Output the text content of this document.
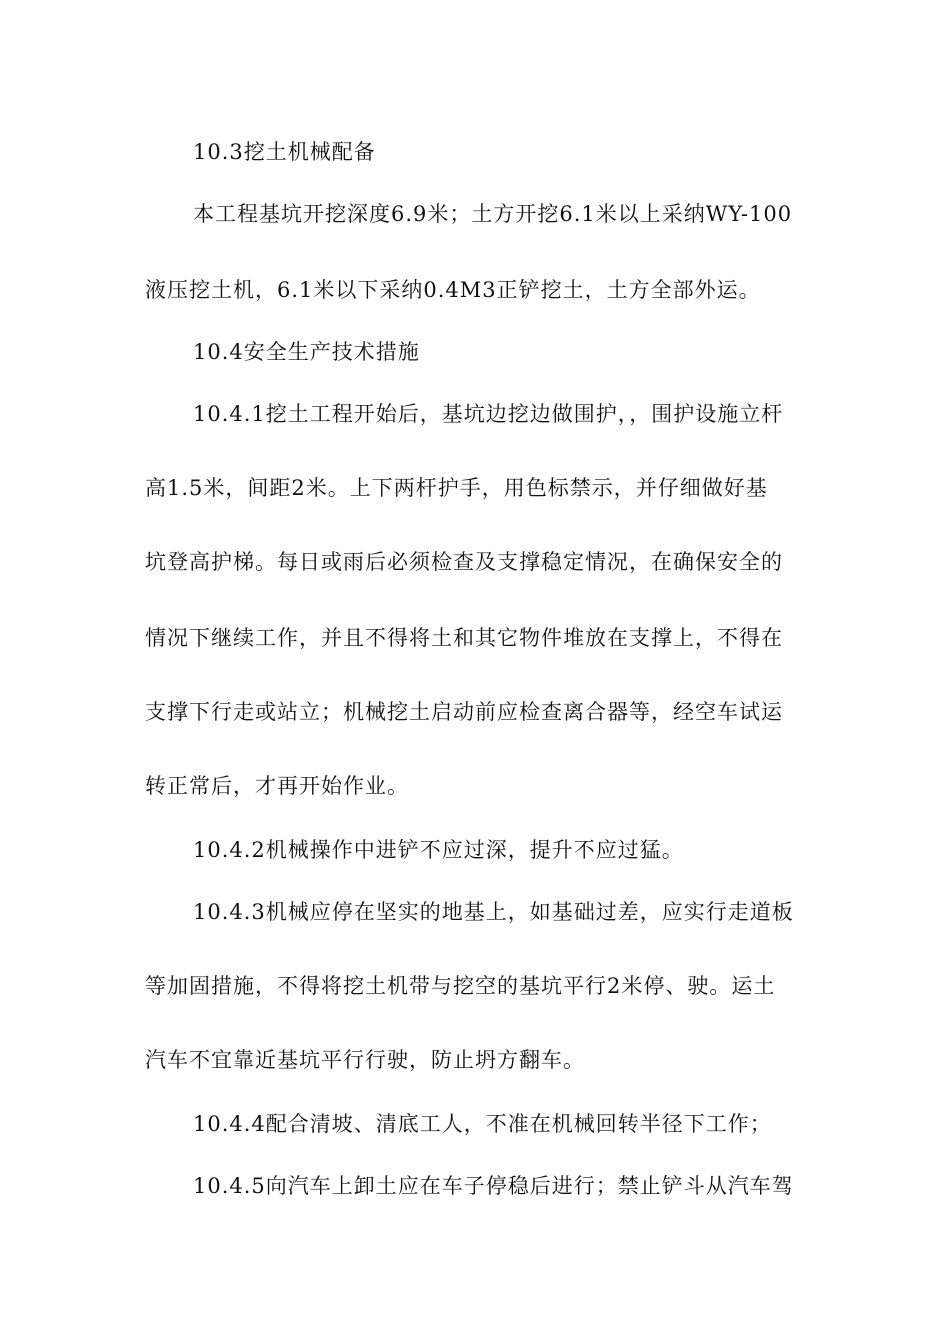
10.3挖土机械配备
本工程基坑开挖深度6.9米；土方开挖6.1米以上采纳WY-100
液压挖土机，6.1米以下采纳0.4M3正铲挖土，土方全部外运。
10.4安全生产技术措施
10.4.1挖土工程开始后，基坑边挖边做围护，，围护设施立杆
高1.5米，间距2米。上下两杆护手，用色标禁示，并仔细做好基
坑登高护梯。每日或雨后必须检查及支撑稳定情况，在确保安全的
情况下继续工作，并且不得将土和其它物件堆放在支撑上，不得在
支撑下行走或站立；机械挖土启动前应检查离合器等，经空车试运
转正常后，才再开始作业。
10.4.2机械操作中进铲不应过深，提升不应过猛。
10.4.3机械应停在坚实的地基上，如基础过差，应实行走道板
等加固措施，不得将挖土机带与挖空的基坑平行2米停、驶。运土
汽车不宜靠近基坑平行行驶，防止坍方翻车。
10.4.4配合清坡、清底工人，不准在机械回转半径下工作；
10.4.5向汽车上卸土应在车子停稳后进行；禁止铲斗从汽车驾
